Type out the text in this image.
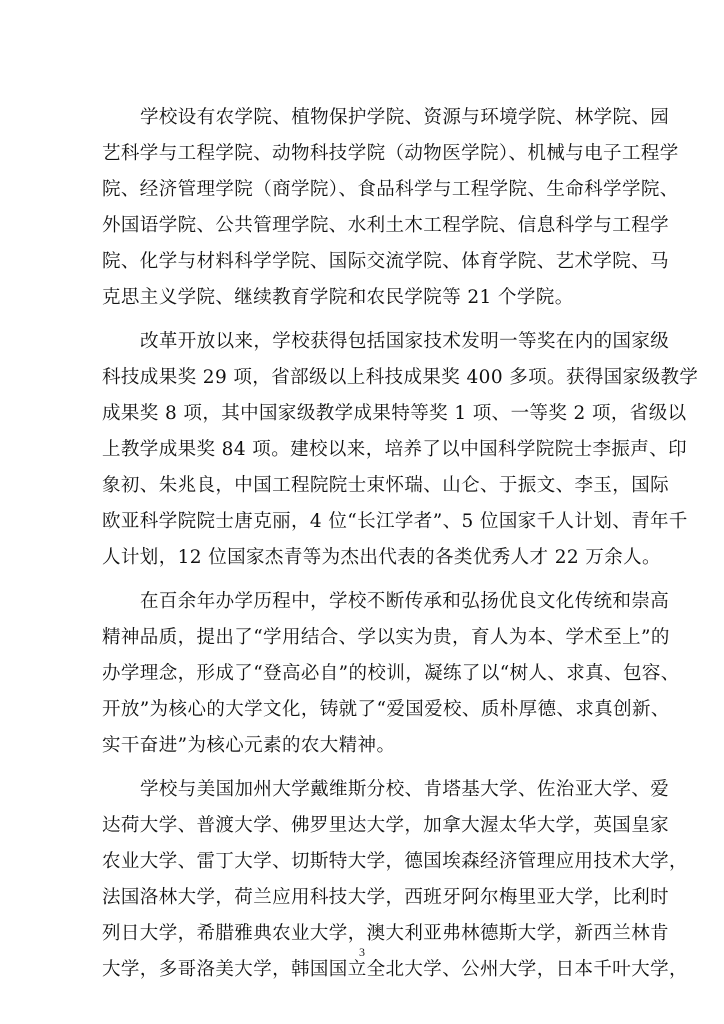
学校设有农学院、植物保护学院、资源与环境学院、林学院、园
艺科学与工程学院、动物科技学院（动物医学院）、机械与电子工程学
院、经济管理学院（商学院）、食品科学与工程学院、生命科学学院、
外国语学院、公共管理学院、水利土木工程学院、信息科学与工程学
院、化学与材料科学学院、国际交流学院、体育学院、艺术学院、马
克思主义学院、继续教育学院和农民学院等 21 个学院。

改革开放以来，学校获得包括国家技术发明一等奖在内的国家级
科技成果奖 29 项，省部级以上科技成果奖 400 多项。获得国家级教学
成果奖 8 项，其中国家级教学成果特等奖 1 项、一等奖 2 项，省级以
上教学成果奖 84 项。建校以来，培养了以中国科学院院士李振声、印
象初、朱兆良，中国工程院院士束怀瑞、山仑、于振文、李玉，国际
欧亚科学院院士唐克丽，4 位“长江学者”、5 位国家千人计划、青年千
人计划，12 位国家杰青等为杰出代表的各类优秀人才 22 万余人。

在百余年办学历程中，学校不断传承和弘扬优良文化传统和崇高
精神品质，提出了“学用结合、学以实为贵，育人为本、学术至上”的
办学理念，形成了“登高必自”的校训，凝练了以“树人、求真、包容、
开放”为核心的大学文化，铸就了“爱国爱校、质朴厚德、求真创新、
实干奋进”为核心元素的农大精神。

学校与美国加州大学戴维斯分校、肯塔基大学、佐治亚大学、爱
达荷大学、普渡大学、佛罗里达大学，加拿大渥太华大学，英国皇家
农业大学、雷丁大学、切斯特大学，德国埃森经济管理应用技术大学，
法国洛林大学，荷兰应用科技大学，西班牙阿尔梅里亚大学，比利时
列日大学，希腊雅典农业大学，澳大利亚弗林德斯大学，新西兰林肯
大学，多哥洛美大学，韩国国立全北大学、公州大学，日本千叶大学，

3
